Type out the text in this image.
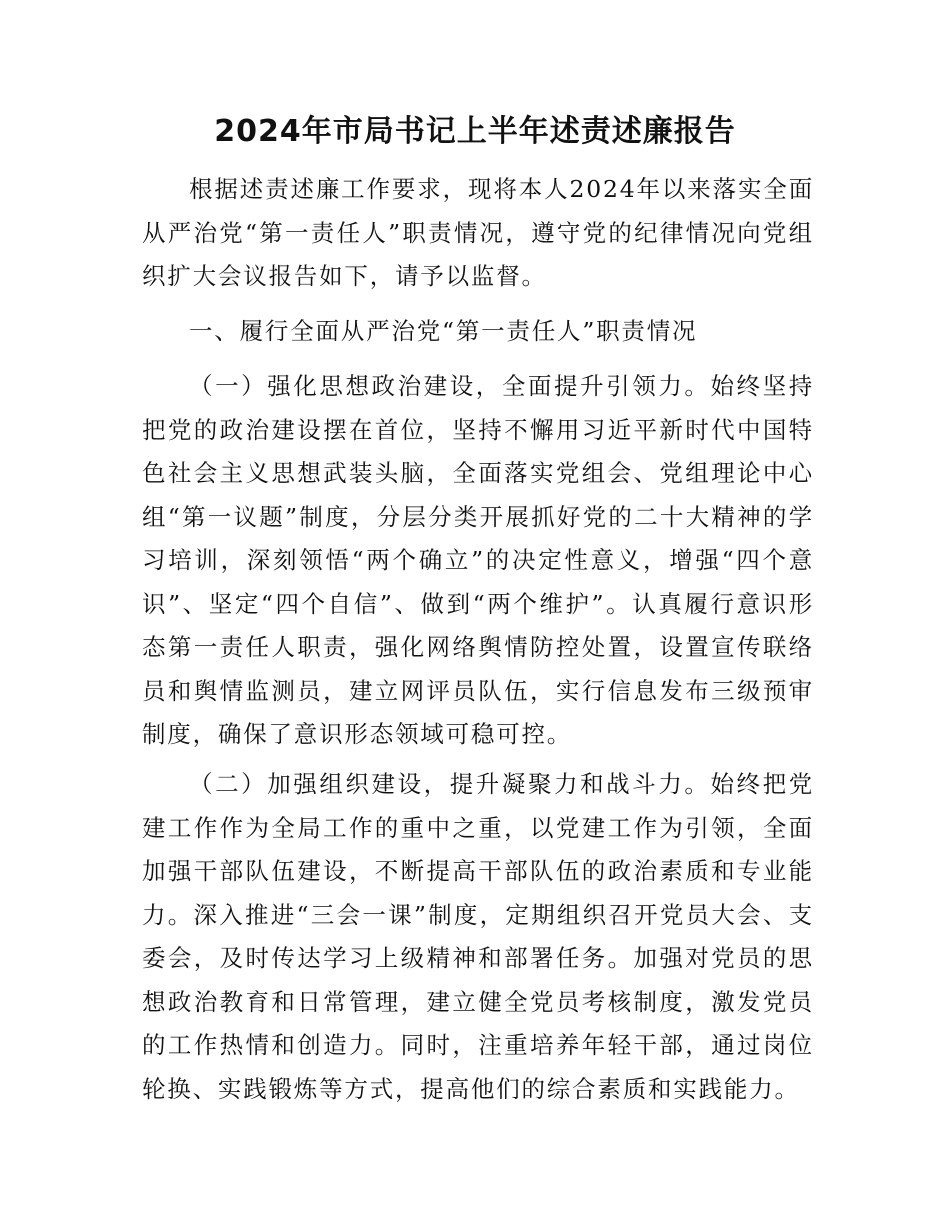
2024年市局书记上半年述责述廉报告

根据述责述廉工作要求，现将本人2024年以来落实全面从严治党“第一责任人”职责情况，遵守党的纪律情况向党组织扩大会议报告如下，请予以监督。

一、履行全面从严治党“第一责任人”职责情况

（一）强化思想政治建设，全面提升引领力。始终坚持把党的政治建设摆在首位，坚持不懈用习近平新时代中国特色社会主义思想武装头脑，全面落实党组会、党组理论中心组“第一议题”制度，分层分类开展抓好党的二十大精神的学习培训，深刻领悟“两个确立”的决定性意义，增强“四个意识”、坚定“四个自信”、做到“两个维护”。认真履行意识形态第一责任人职责，强化网络舆情防控处置，设置宣传联络员和舆情监测员，建立网评员队伍，实行信息发布三级预审制度，确保了意识形态领域可稳可控。

（二）加强组织建设，提升凝聚力和战斗力。始终把党建工作作为全局工作的重中之重，以党建工作为引领，全面加强干部队伍建设，不断提高干部队伍的政治素质和专业能力。深入推进“三会一课”制度，定期组织召开党员大会、支委会，及时传达学习上级精神和部署任务。加强对党员的思想政治教育和日常管理，建立健全党员考核制度，激发党员的工作热情和创造力。同时，注重培养年轻干部，通过岗位轮换、实践锻炼等方式，提高他们的综合素质和实践能力。
